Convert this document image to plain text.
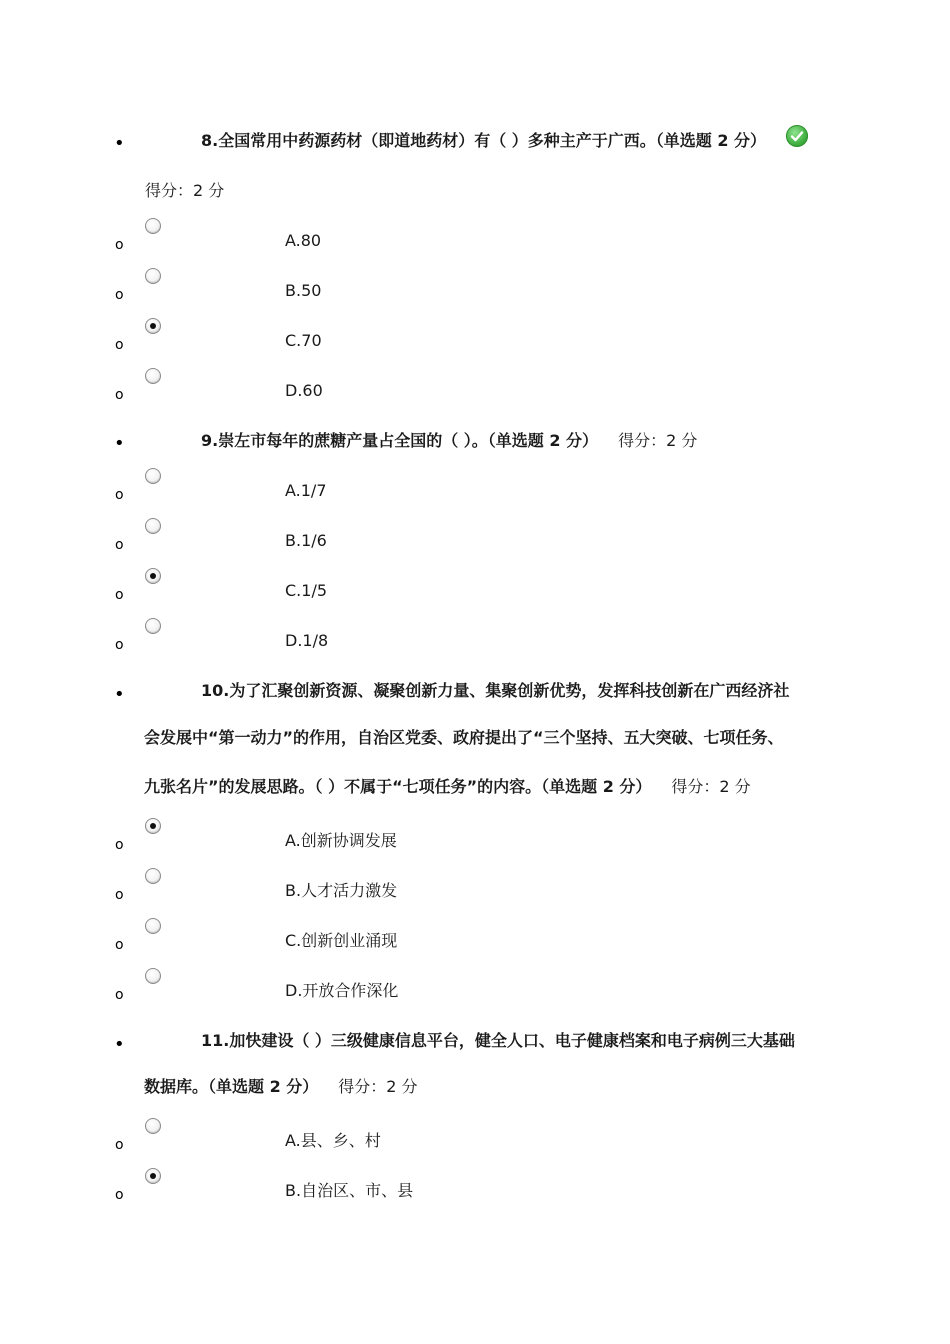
•	8.全国常用中药源药材（即道地药材）有（ ）多种主产于广西。（单选题 2 分）
得分：2 分
o	A.80
o	B.50
o	C.70
o	D.60
•	9.崇左市每年的蔗糖产量占全国的（ ）。（单选题 2 分） 得分：2 分
o	A.1/7
o	B.1/6
o	C.1/5
o	D.1/8
•	10.为了汇聚创新资源、凝聚创新力量、集聚创新优势，发挥科技创新在广西经济社
会发展中“第一动力”的作用，自治区党委、政府提出了“三个坚持、五大突破、七项任务、
九张名片”的发展思路。（ ）不属于“七项任务”的内容。（单选题 2 分） 得分：2 分
o	A.创新协调发展
o	B.人才活力激发
o	C.创新创业涌现
o	D.开放合作深化
•	11.加快建设（ ）三级健康信息平台，健全人口、电子健康档案和电子病例三大基础
数据库。（单选题 2 分） 得分：2 分
o	A.县、乡、村
o	B.自治区、市、县
